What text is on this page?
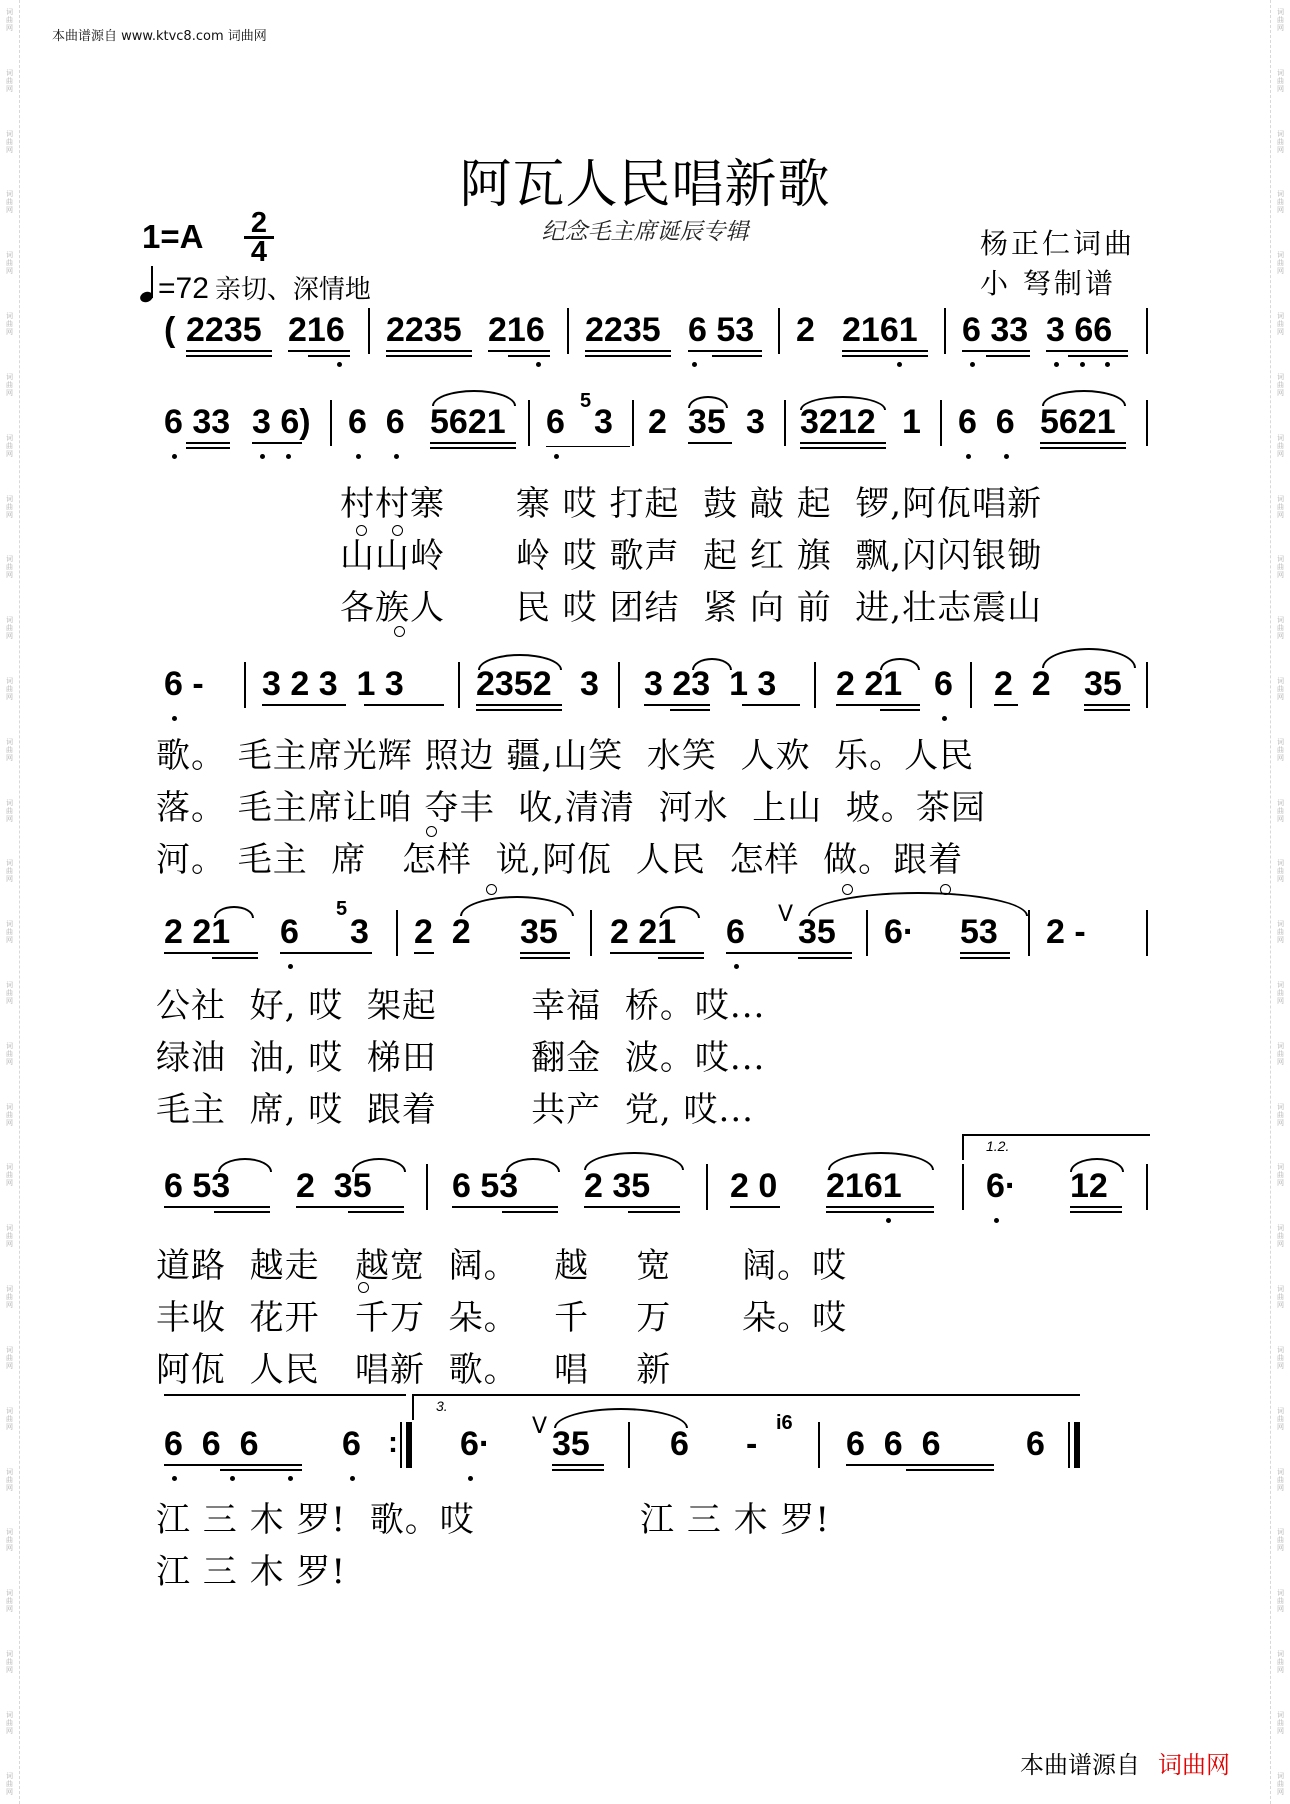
词曲网
词曲网
词曲网
词曲网
词曲网
词曲网
词曲网
词曲网
词曲网
词曲网
词曲网
词曲网
词曲网
词曲网
词曲网
词曲网
词曲网
词曲网
词曲网
词曲网
词曲网
词曲网
词曲网
词曲网
词曲网
词曲网
词曲网
词曲网
词曲网
词曲网
词曲网
词曲网
词曲网
词曲网
词曲网
词曲网
词曲网
词曲网
词曲网
词曲网
词曲网
词曲网
词曲网
词曲网
词曲网
词曲网
词曲网
词曲网
词曲网
词曲网
词曲网
词曲网
词曲网
词曲网
词曲网
词曲网
词曲网
词曲网
词曲网
词曲网
本曲谱源自 www.ktvc8.com 词曲网
阿瓦人民唱新歌
纪念毛主席诞辰专辑
1=A 2
4
=72 亲切、深情地
杨正仁词曲
小 弩制谱
( 2235 216 2235 216 2235 6 53 2 2161 6 33 3 66
6 33 3 6) 6  6 5621 6
5
3 2 35 3 3212 1 6  6 5621
村村寨      寨 哎 打起  鼓 敲 起  锣,阿佤唱新
山山岭      岭 哎 歌声  起 红 旗  飘,闪闪银锄
各族人      民 哎 团结  紧 向 前  进,壮志震山
6 - 3 2 3  1 3 2352 3 3 23  1 3 2 21 6 2  2 35
歌。 毛主席光辉 照边 疆,山笑  水笑  人欢  乐。人民
落。 毛主席让咱 夺丰  收,清清  河水  上山  坡。茶园
河。 毛主  席   怎样  说,阿佤  人民  怎样  做。跟着
2 21 6
5
3 2  2 35 2 21 6 V 35 6· 53 2 -
公社  好, 哎  架起        幸福  桥。哎...
绿油  油, 哎  梯田        翻金  波。哎...
毛主  席, 哎  跟着        共产  党, 哎...
1.2.
6 53 2  35 6 53 2 35 2 0 2161 6· 12
道路  越走   越宽  阔。   越    宽      阔。哎
丰收  花开   千万  朵。   千    万      朵。哎
阿佤  人民   唱新  歌。   唱    新
3.
6  6  6 6 : 6· V 35 6 -
i6
6  6  6	6
江 三 木 罗!  歌。哎              江 三 木 罗!
江 三 木 罗!
本曲谱源自 词曲网
